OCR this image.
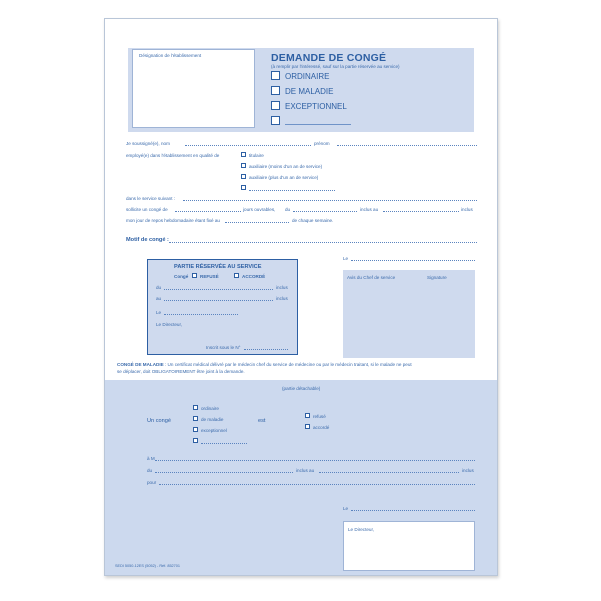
Désignation de l'établissement	DEMANDE DE CONGÉ
(à remplir par l'intéressé, sauf sur la partie réservée au service)
ORDINAIRE
DE MALADIE
EXCEPTIONNEL
Je soussigné(e), nom	prénom
employé(e) dans l'établissement en qualité de	titulaire
auxiliaire (moins d'un an de service)
auxiliaire (plus d'un an de service)
dans le service suivant :
sollicite un congé de	jours ouvrables, du	inclus au	inclus
mon jour de repos hebdomadaire étant fixé au	de chaque semaine.
Motif de congé :
Le
Avis du Chef de service	Signature
PARTIE RÉSERVÉE AU SERVICE
Congé	REFUSÉ	ACCORDÉ
du	inclus
au	inclus
Le
Le Directeur,
Inscrit sous le N°
CONGÉ DE MALADIE : Un certificat médical délivré par le médecin chef du service de médecine ou par le médecin traitant, si le malade ne peut
se déplacer, doit OBLIGATOIREMENT être joint à la demande.
(partie détachable)
ordinaire
Un congé	de maladie
exceptionnel
est
refusé
accordé
à M
du	inclus au	inclus
pour
Le
Le Directeur,
SEDI 5050-12ES (5052) - Réf. 852701
